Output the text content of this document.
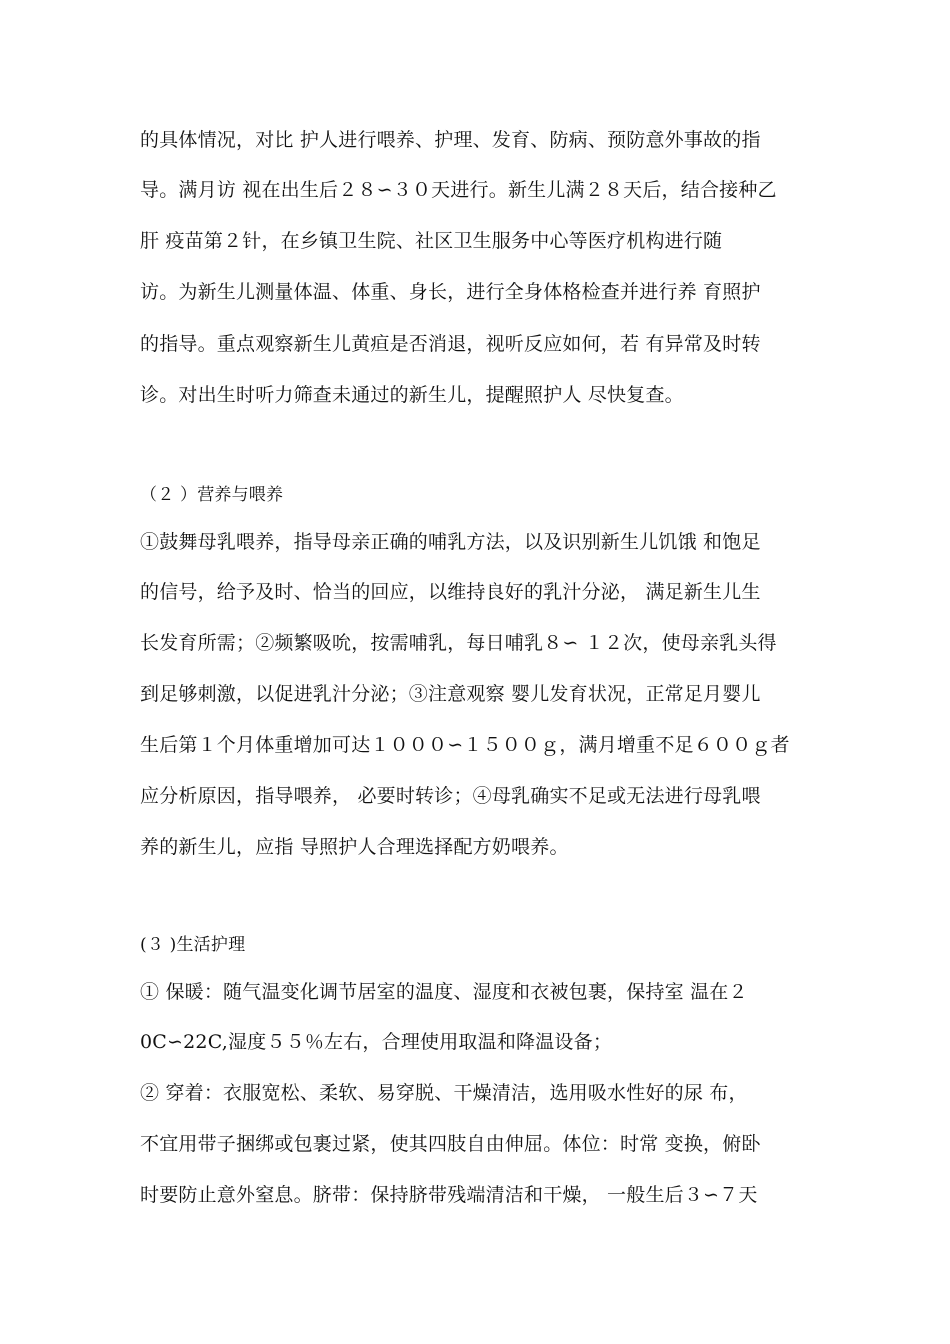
的具体情况，对比 护人进行喂养、护理、发育、防病、预防意外事故的指
导。满月访 视在出生后２８∽３０天进行。新生儿满２８天后，结合接种乙
肝 疫苗第２针，在乡镇卫生院、社区卫生服务中心等医疗机构进行随
访。为新生儿测量体温、体重、身长，进行全身体格检查并进行养 育照护
的指导。重点观察新生儿黄疸是否消退，视听反应如何，若 有异常及时转
诊。对出生时听力筛查未通过的新生儿，提醒照护人 尽快复查。
（２ ）营养与喂养
①鼓舞母乳喂养，指导母亲正确的哺乳方法，以及识别新生儿饥饿 和饱足
的信号，给予及时、恰当的回应，以维持良好的乳汁分泌， 满足新生儿生
长发育所需；②频繁吸吮，按需哺乳，每日哺乳８∽ １２次，使母亲乳头得
到足够刺激，以促进乳汁分泌；③注意观察 婴儿发育状况，正常足月婴儿
生后第１个月体重增加可达１０００∽１５００ｇ，满月增重不足６００ｇ者
应分析原因，指导喂养， 必要时转诊；④母乳确实不足或无法进行母乳喂
养的新生儿，应指 导照护人合理选择配方奶喂养。
(３ )生活护理
① 保暖：随气温变化调节居室的温度、湿度和衣被包裹，保持室 温在２
0C∽22C,湿度５５％左右，合理使用取温和降温设备；
② 穿着：衣服宽松、柔软、易穿脱、干燥清洁，选用吸水性好的尿 布，
不宜用带子捆绑或包裹过紧，使其四肢自由伸屈。体位：时常 变换，俯卧
时要防止意外窒息。脐带：保持脐带残端清洁和干燥， 一般生后３∽７天
